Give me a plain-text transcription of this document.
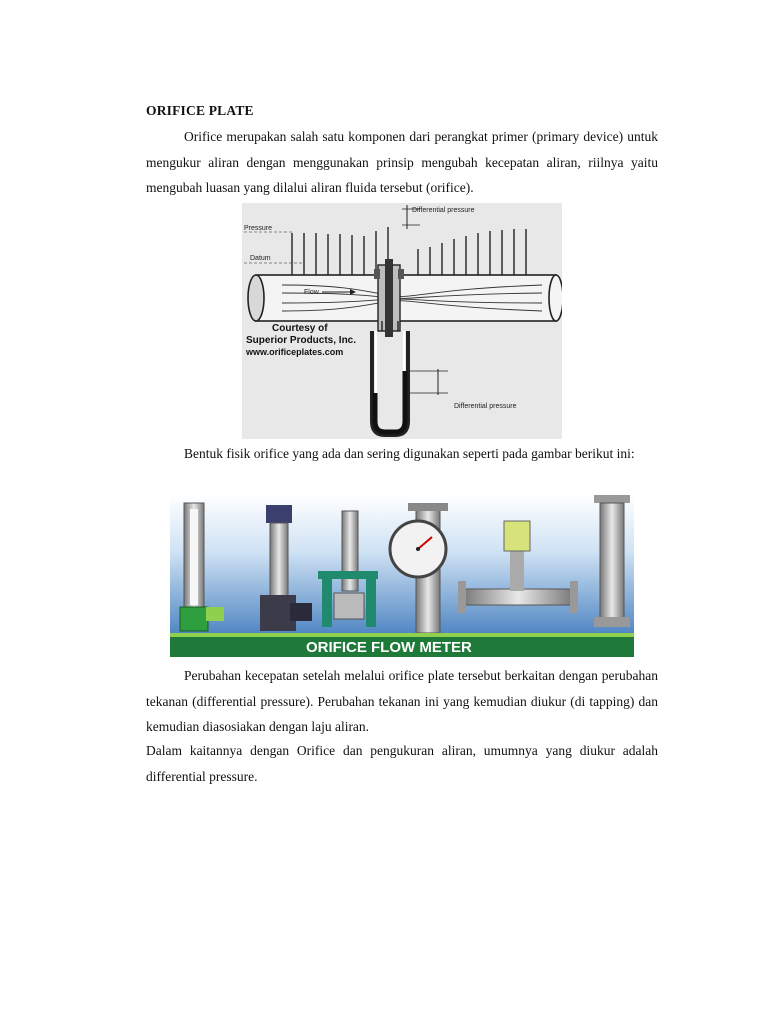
ORIFICE PLATE

Orifice merupakan salah satu komponen dari perangkat primer (primary device) untuk mengukur aliran dengan menggunakan prinsip mengubah kecepatan aliran, riilnya yaitu mengubah luasan yang dilalui aliran fluida tersebut (orifice).

Differential pressure
Pressure
Datum
Flow
Courtesy of
Superior Products, Inc.
www.orificeplates.com
Differential pressure

Bentuk fisik orifice yang ada dan sering digunakan seperti pada gambar berikut ini:

ORIFICE FLOW METER

Perubahan kecepatan setelah melalui orifice plate tersebut berkaitan dengan perubahan tekanan (differential pressure). Perubahan tekanan ini yang kemudian diukur (di tapping) dan kemudian diasosiakan dengan laju aliran.

Dalam kaitannya dengan Orifice dan pengukuran aliran, umumnya yang diukur adalah differential pressure.
